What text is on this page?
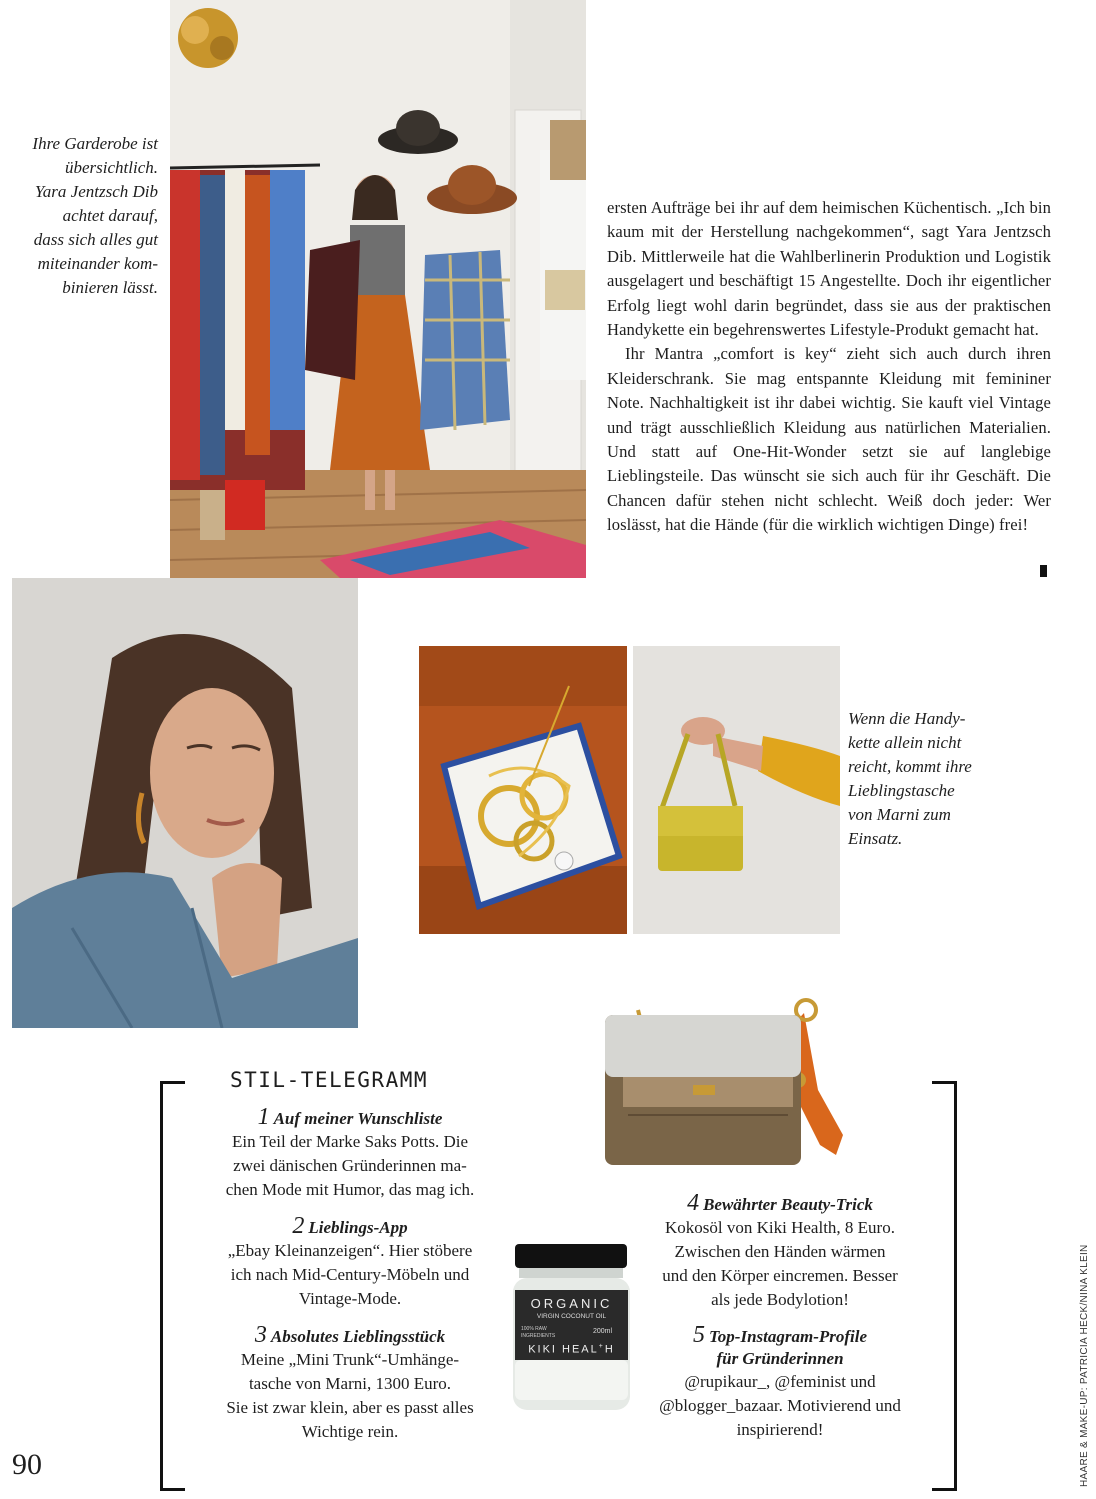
ORGANIC
VIRGIN COCONUT OIL
100% RAW
INGREDIENTS
200ml
KIKI HEAL+H
Ihre Garderobe ist
übersichtlich.
Yara Jentzsch Dib
achtet darauf,
dass sich alles gut
miteinander kom-
binieren lässt.
Wenn die Handy-
kette allein nicht
reicht, kommt ihre
Lieblingstasche
von Marni zum
Einsatz.

ersten Aufträge bei ihr auf dem heimischen Küchentisch. „Ich bin kaum mit der Herstellung nachgekommen“, sagt Yara Jentzsch Dib. Mittlerweile hat die Wahlberlinerin Produktion und Logistik ausgelagert und beschäftigt 15 Angestellte. Doch ihr eigentlicher Erfolg liegt wohl darin begründet, dass sie aus der praktischen Handykette ein begehrenswertes Lifestyle-Produkt gemacht hat.

Ihr Mantra „comfort is key“ zieht sich auch durch ihren Kleiderschrank. Sie mag entspannte Kleidung mit femininer Note. Nachhaltigkeit ist ihr dabei wichtig. Sie kauft viel Vintage und trägt ausschließlich Kleidung aus natürlichen Materialien. Und statt auf One-Hit-Wonder setzt sie auf langlebige Lieblingsteile. Das wünscht sie sich auch für ihr Geschäft. Die Chancen dafür stehen nicht schlecht. Weiß doch jeder: Wer loslässt, hat die Hände (für die wirklich wichtigen Dinge) frei!

STIL-TELEGRAMM
1 Auf meiner Wunschliste
Ein Teil der Marke Saks Potts. Die
zwei dänischen Gründerinnen ma-
chen Mode mit Humor, das mag ich.
2 Lieblings-App
„Ebay Kleinanzeigen“. Hier stöbere
ich nach Mid-Century-Möbeln und
Vintage-Mode.
3 Absolutes Lieblingsstück
Meine „Mini Trunk“-Umhänge-
tasche von Marni, 1300 Euro.
Sie ist zwar klein, aber es passt alles
Wichtige rein.
4 Bewährter Beauty-Trick
Kokosöl von Kiki Health, 8 Euro.
Zwischen den Händen wärmen
und den Körper eincremen. Besser
als jede Bodylotion!
5 Top-Instagram-Profile
für Gründerinnen
@rupikaur_, @feminist und
@blogger_bazaar. Motivierend und
inspirierend!
90	HAARE & MAKE-UP: PATRICIA HECK/NINA KLEIN
